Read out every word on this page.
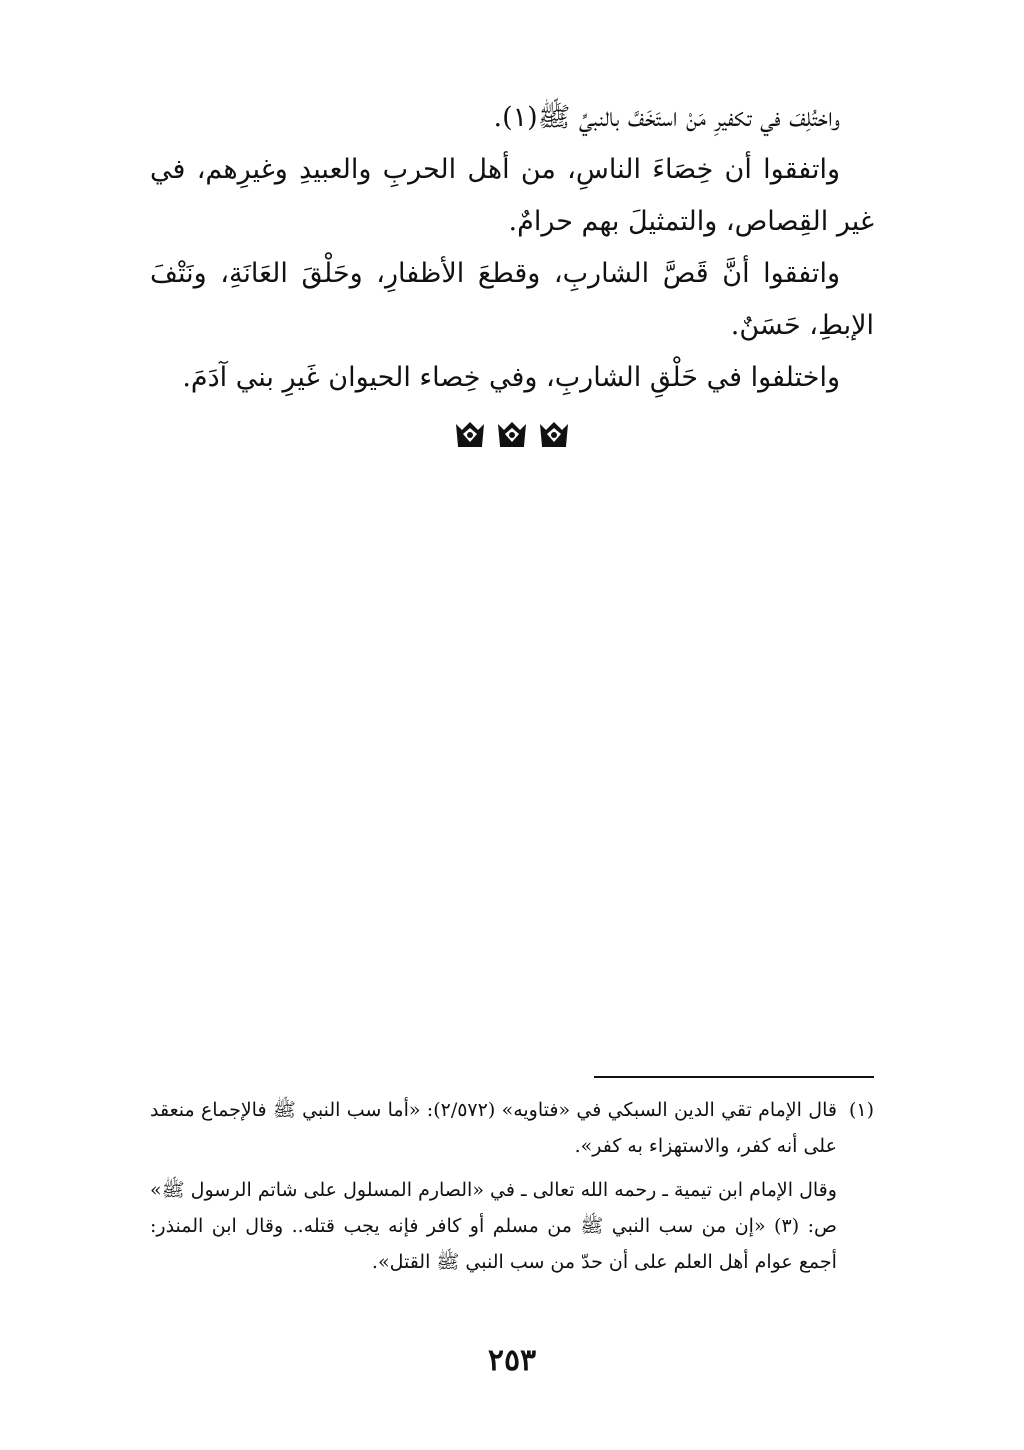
واختُلِفَ في تكفيرِ مَنْ استَخَفَّ بالنبيِّ ﷺ(١).

واتفقوا أن خِصَاءَ الناسِ، من أهل الحربِ والعبيدِ وغيرِهم، في غير القِصاص، والتمثيلَ بهم حرامٌ.

واتفقوا أنَّ قَصَّ الشاربِ، وقطعَ الأظفارِ، وحَلْقَ العَانَةِ، ونَتْفَ الإبطِ، حَسَنٌ.

واختلفوا في حَلْقِ الشاربِ، وفي خِصاء الحيوان غَيرِ بني آدَمَ.

(١)

قال الإمام تقي الدين السبكي في «فتاويه» (٢/٥٧٢): «أما سب النبي ﷺ فالإجماع منعقد على أنه كفر، والاستهزاء به كفر».

وقال الإمام ابن تيمية ـ رحمه الله تعالى ـ في «الصارم المسلول على شاتم الرسول ﷺ» ص: (٣) «إن من سب النبي ﷺ من مسلم أو كافر فإنه يجب قتله.. وقال ابن المنذر: أجمع عوام أهل العلم على أن حدّ من سب النبي ﷺ القتل».

٢٥٣
